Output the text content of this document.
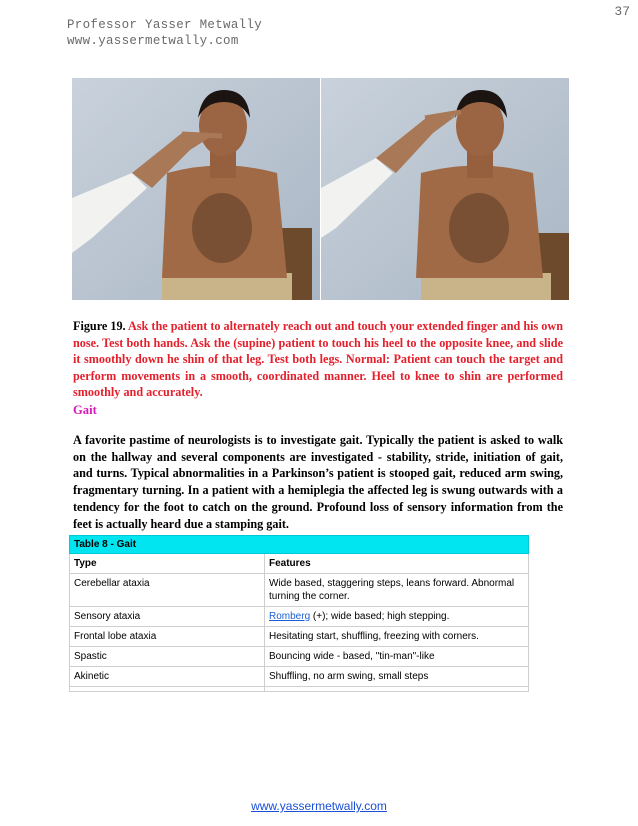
37
Professor Yasser Metwally
www.yassermetwally.com
Figure 19. Ask the patient to alternately reach out and touch your extended finger and his own nose. Test both hands. Ask the (supine) patient to touch his heel to the opposite knee, and slide it smoothly down he shin of that leg. Test both legs. Normal: Patient can touch the target and perform movements in a smooth, coordinated manner. Heel to knee to shin are performed smoothly and accurately.
Gait
A favorite pastime of neurologists is to investigate gait. Typically the patient is asked to walk on the hallway and several components are investigated - stability, stride, initiation of gait, and turns. Typical abnormalities in a Parkinson’s patient is stooped gait, reduced arm swing, fragmentary turning. In a patient with a hemiplegia the affected leg is swung outwards with a tendency for the foot to catch on the ground. Profound loss of sensory information from the feet is actually heard due a stamping gait.
Table 8 - Gait	
Type	Features
Cerebellar ataxia	Wide based, staggering steps, leans forward. Abnormal turning the corner.
Sensory ataxia	Romberg (+); wide based; high stepping.
Frontal lobe ataxia	Hesitating start, shuffling, freezing with corners.
Spastic	Bouncing wide - based, "tin-man"-like
Akinetic	Shuffling, no arm swing, small steps

www.yassermetwally.com
